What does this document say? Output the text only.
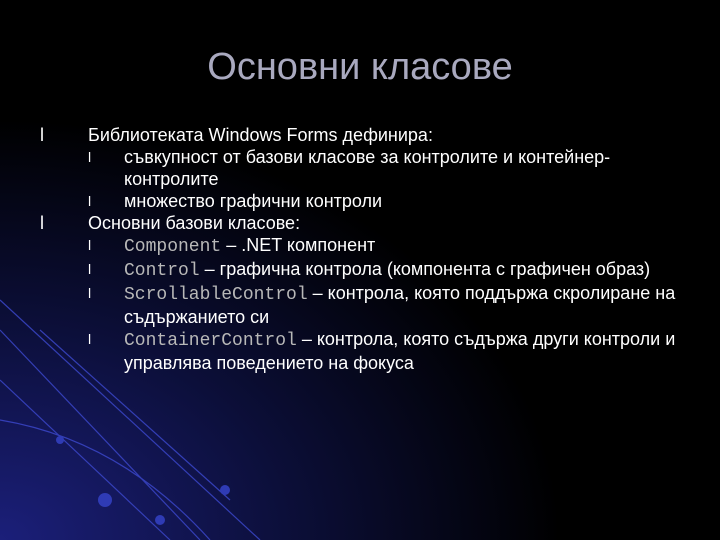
Основни класове

l	Библиотеката Windows Forms дефинира:

l	съвкупност от базови класове за контролите и контейнер-контролите

l	множество графични контроли

l	Основни базови класове:

l	Component – .NET компонент

l	Control – графична контрола (компонента с графичен образ)

l	ScrollableControl – контрола, която поддържа скролиране на съдържанието си

l	ContainerControl – контрола, която съдържа други контроли и управлява поведението на фокуса
